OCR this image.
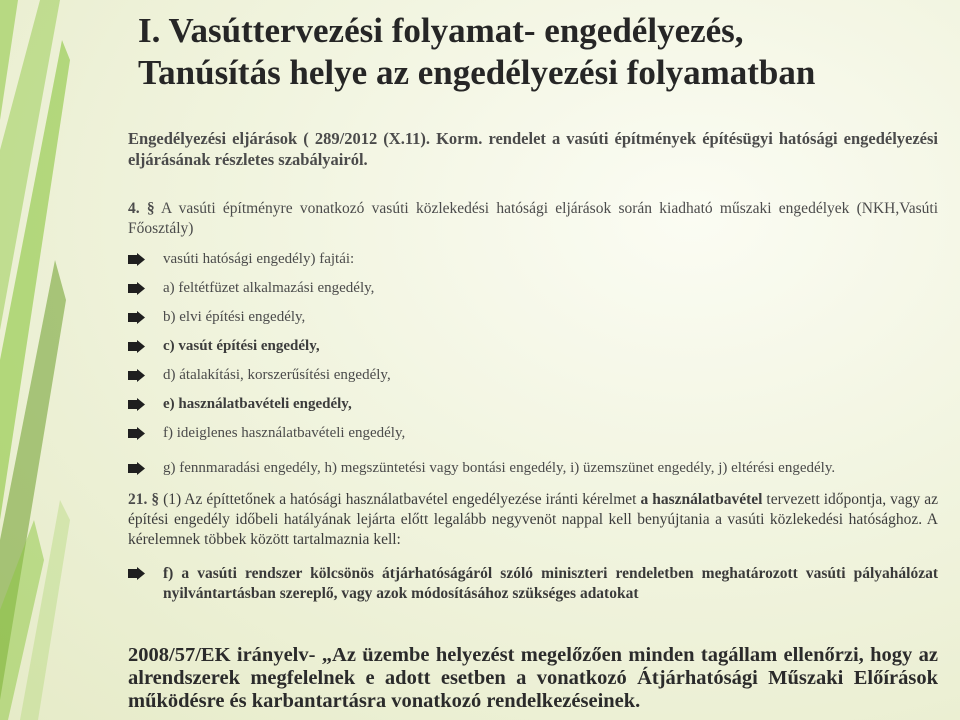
I. Vasúttervezési folyamat- engedélyezés,
Tanúsítás helye az engedélyezési folyamatban

Engedélyezési eljárások ( 289/2012 (X.11). Korm. rendelet a vasúti építmények építésügyi hatósági engedélyezési eljárásának részletes szabályairól.

4. § A vasúti építményre vonatkozó vasúti közlekedési hatósági eljárások során kiadható műszaki engedélyek (NKH,Vasúti Főosztály)
vasúti hatósági engedély) fajtái:
a) feltétfüzet alkalmazási engedély,
b) elvi építési engedély,
c) vasút építési engedély,
d) átalakítási, korszerűsítési engedély,
e) használatbavételi engedély,
f) ideiglenes használatbavételi engedély,
g) fennmaradási engedély, h) megszüntetési vagy bontási engedély, i) üzemszünet engedély, j) eltérési engedély.
21. § (1) Az építtetőnek a hatósági használatbavétel engedélyezése iránti kérelmet a használatbavétel tervezett időpontja, vagy az építési engedély időbeli hatályának lejárta előtt legalább negyvenöt nappal kell benyújtania a vasúti közlekedési hatósághoz. A kérelemnek többek között tartalmaznia kell:
f) a vasúti rendszer kölcsönös átjárhatóságáról szóló miniszteri rendeletben meghatározott vasúti pályahálózat nyilvántartásban szereplő, vagy azok módosításához szükséges adatokat
2008/57/EK irányelv- „Az üzembe helyezést megelőzően minden tagállam ellenőrzi, hogy az alrendszerek megfelelnek e adott esetben a vonatkozó Átjárhatósági Műszaki Előírások működésre és karbantartásra vonatkozó rendelkezéseinek.
